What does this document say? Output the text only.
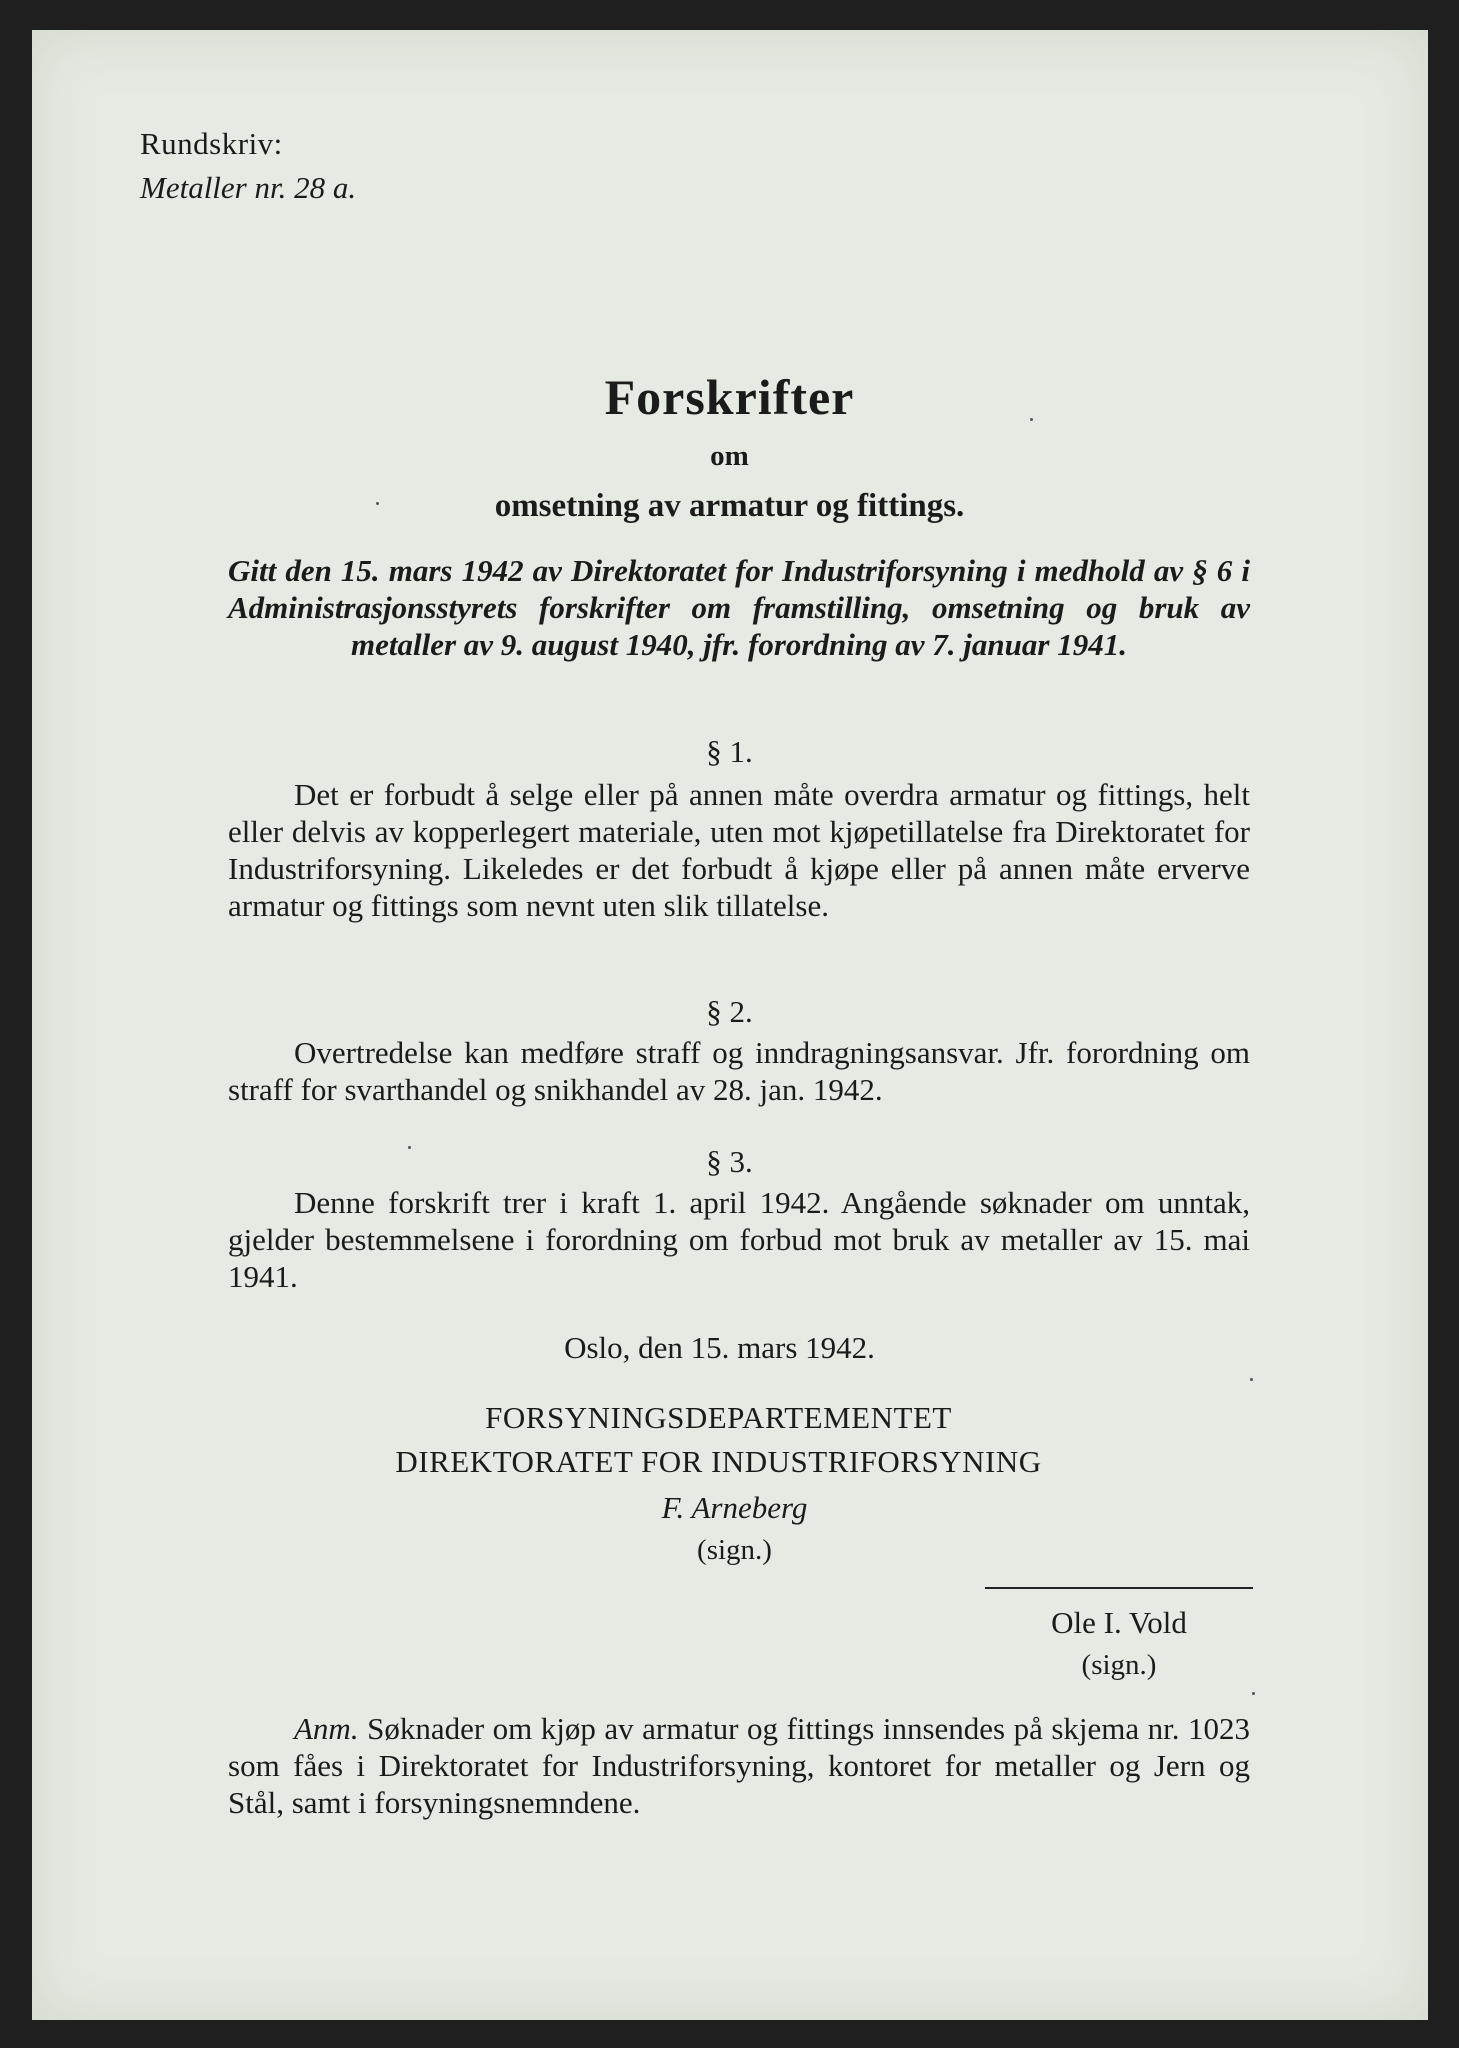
Rundskriv:
Metaller nr. 28 a.
Forskrifter
om
omsetning av armatur og fittings.
Gitt den 15. mars 1942 av Direktoratet for Industriforsyning i medhold av § 6 i Administrasjonsstyrets forskrifter om framstilling, omsetning og bruk av metaller av 9. august 1940, jfr. forordning av 7. januar 1941.
§ 1.

Det er forbudt å selge eller på annen måte overdra armatur og fittings, helt eller delvis av kopperlegert materiale, uten mot kjøpetillatelse fra Direktoratet for Industriforsyning. Likeledes er det forbudt å kjøpe eller på annen måte erverve armatur og fittings som nevnt uten slik tillatelse.

§ 2.

Overtredelse kan medføre straff og inndragningsansvar. Jfr. forordning om straff for svarthandel og snikhandel av 28. jan. 1942.

§ 3.

Denne forskrift trer i kraft 1. april 1942. Angående søknader om unntak, gjelder bestemmelsene i forordning om forbud mot bruk av metaller av 15. mai 1941.

Oslo, den 15. mars 1942.
FORSYNINGSDEPARTEMENTET
DIREKTORATET FOR INDUSTRIFORSYNING
F. Arneberg
(sign.)
Ole I. Vold
(sign.)

Anm. Søknader om kjøp av armatur og fittings innsendes på skjema nr. 1023 som fåes i Direktoratet for Industriforsyning, kontoret for metaller og Jern og Stål, samt i forsyningsnemndene.
